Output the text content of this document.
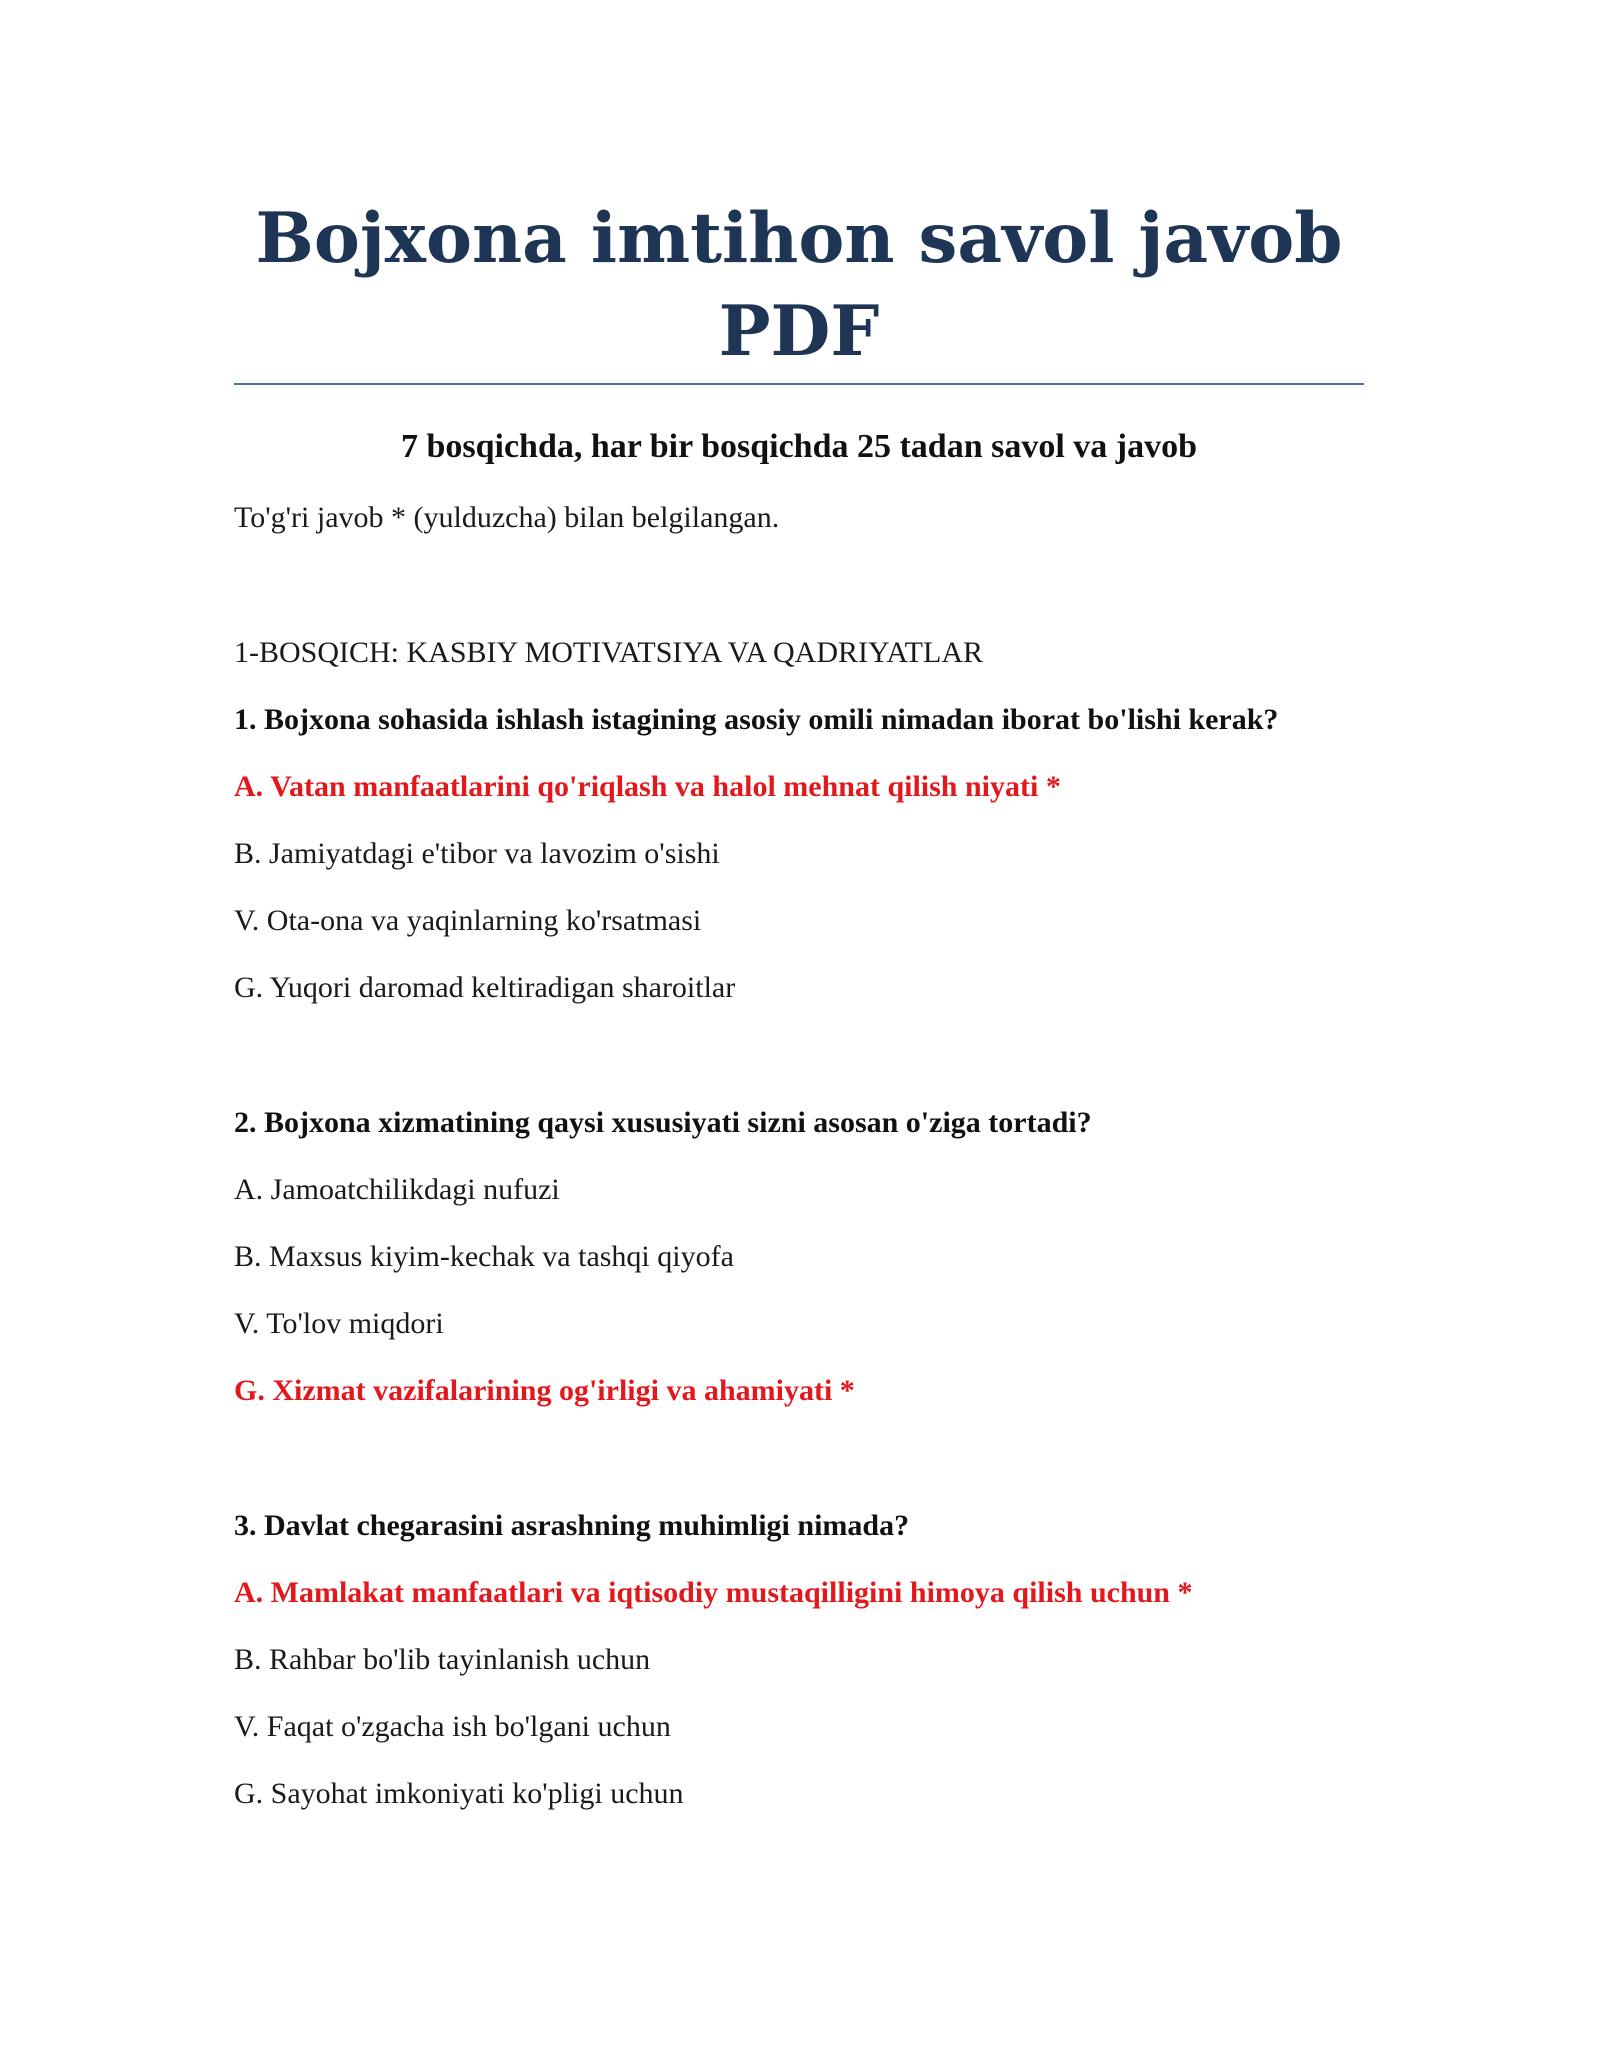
Bojxona imtihon savol javob PDF
7 bosqichda, har bir bosqichda 25 tadan savol va javob
To'g'ri javob * (yulduzcha) bilan belgilangan.
1-BOSQICH: KASBIY MOTIVATSIYA VA QADRIYATLAR
1. Bojxona sohasida ishlash istagining asosiy omili nimadan iborat bo'lishi kerak?
A. Vatan manfaatlarini qo'riqlash va halol mehnat qilish niyati *
B. Jamiyatdagi e'tibor va lavozim o'sishi
V. Ota-ona va yaqinlarning ko'rsatmasi
G. Yuqori daromad keltiradigan sharoitlar
2. Bojxona xizmatining qaysi xususiyati sizni asosan o'ziga tortadi?
A. Jamoatchilikdagi nufuzi
B. Maxsus kiyim-kechak va tashqi qiyofa
V. To'lov miqdori
G. Xizmat vazifalarining og'irligi va ahamiyati *
3. Davlat chegarasini asrashning muhimligi nimada?
A. Mamlakat manfaatlari va iqtisodiy mustaqilligini himoya qilish uchun *
B. Rahbar bo'lib tayinlanish uchun
V. Faqat o'zgacha ish bo'lgani uchun
G. Sayohat imkoniyati ko'pligi uchun
